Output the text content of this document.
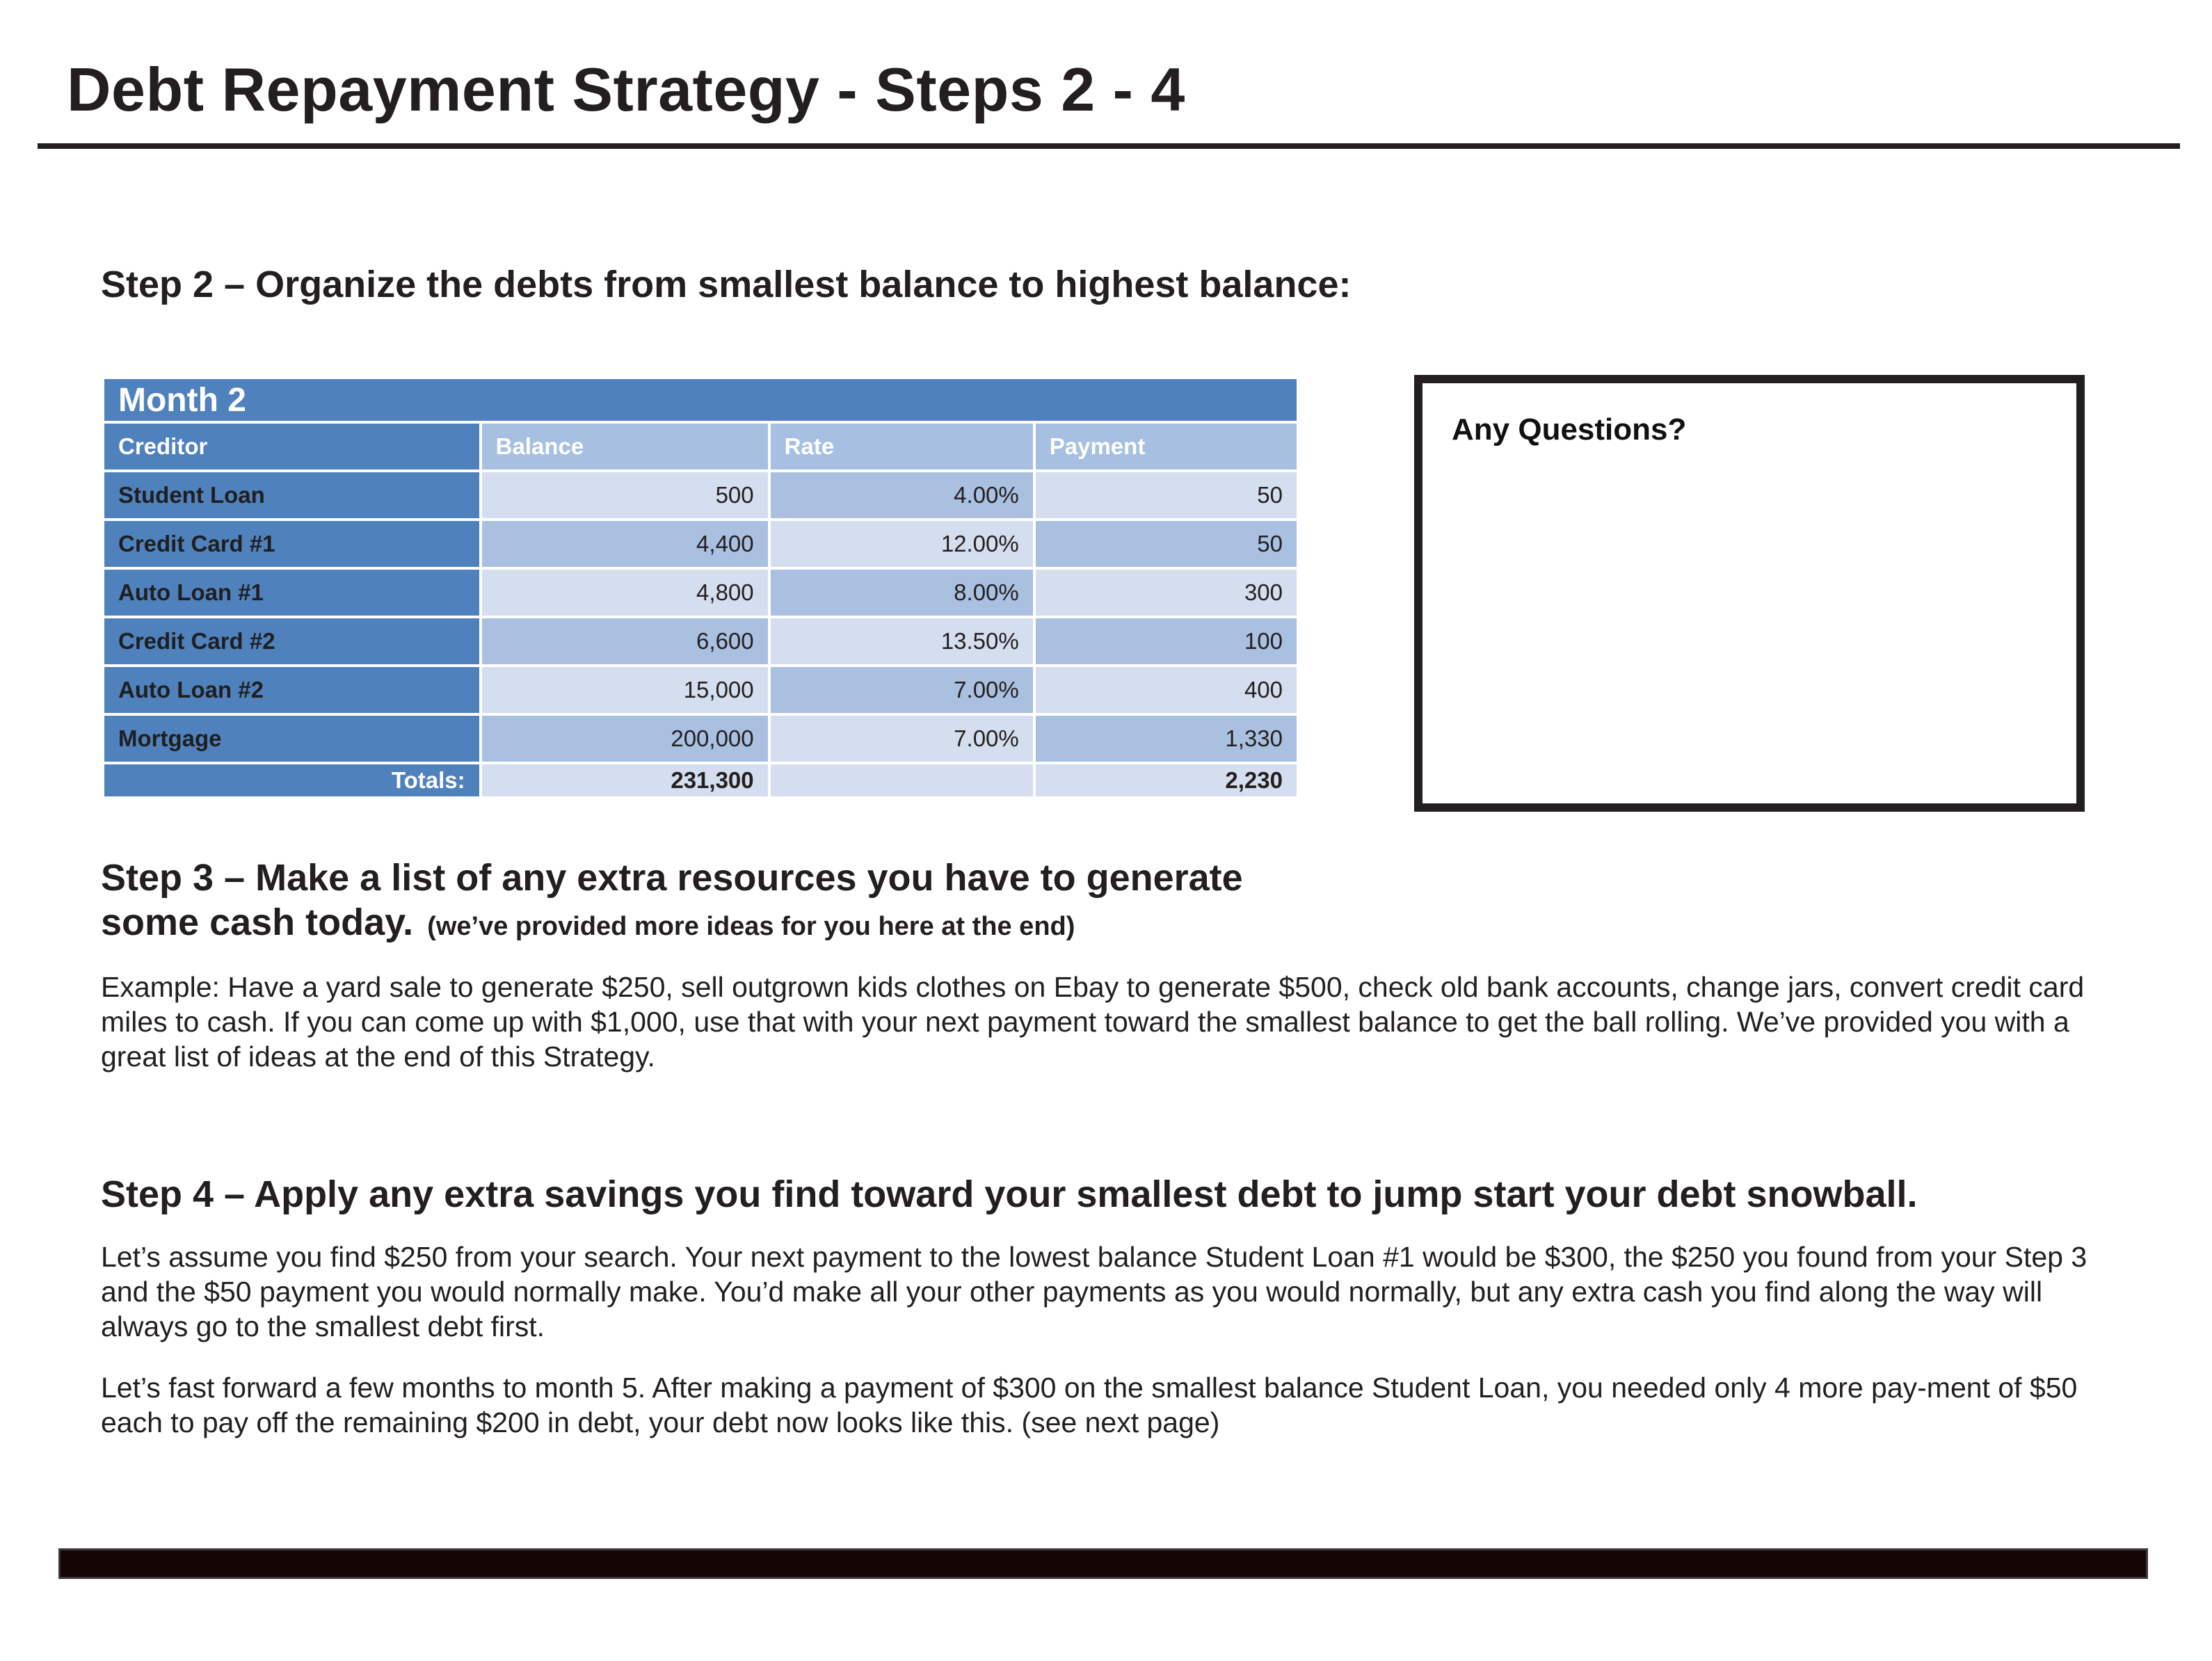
Debt Repayment Strategy - Steps 2 - 4
Step 2 – Organize the debts from smallest balance to highest balance:
Month 2			
Creditor	Balance	Rate	Payment
Student Loan	500	4.00%	50
Credit Card #1	4,400	12.00%	50
Auto Loan #1	4,800	8.00%	300
Credit Card #2	6,600	13.50%	100
Auto Loan #2	15,000	7.00%	400
Mortgage	200,000	7.00%	1,330
Totals:	231,300		2,230
Any Questions?
Step 3 – Make a list of any extra resources you have to generate
some cash today. (we’ve provided more ideas for you here at the end)
Example: Have a yard sale to generate $250, sell outgrown kids clothes on Ebay to generate $500, check old bank accounts, change jars, convert credit card miles to cash. If you can come up with $1,000, use that with your next payment toward the smallest balance to get the ball rolling. We’ve provided you with a great list of ideas at the end of this Strategy.
Step 4 – Apply any extra savings you find toward your smallest debt to jump start your debt snowball.
Let’s assume you find $250 from your search. Your next payment to the lowest balance Student Loan #1 would be $300, the $250 you found from your Step 3 and the $50 payment you would normally make. You’d make all your other payments as you would normally, but any extra cash you find along the way will always go to the smallest debt first.
Let’s fast forward a few months to month 5. After making a payment of $300 on the smallest balance Student Loan, you needed only 4 more pay-ment of $50 each to pay off the remaining $200 in debt, your debt now looks like this. (see next page)
